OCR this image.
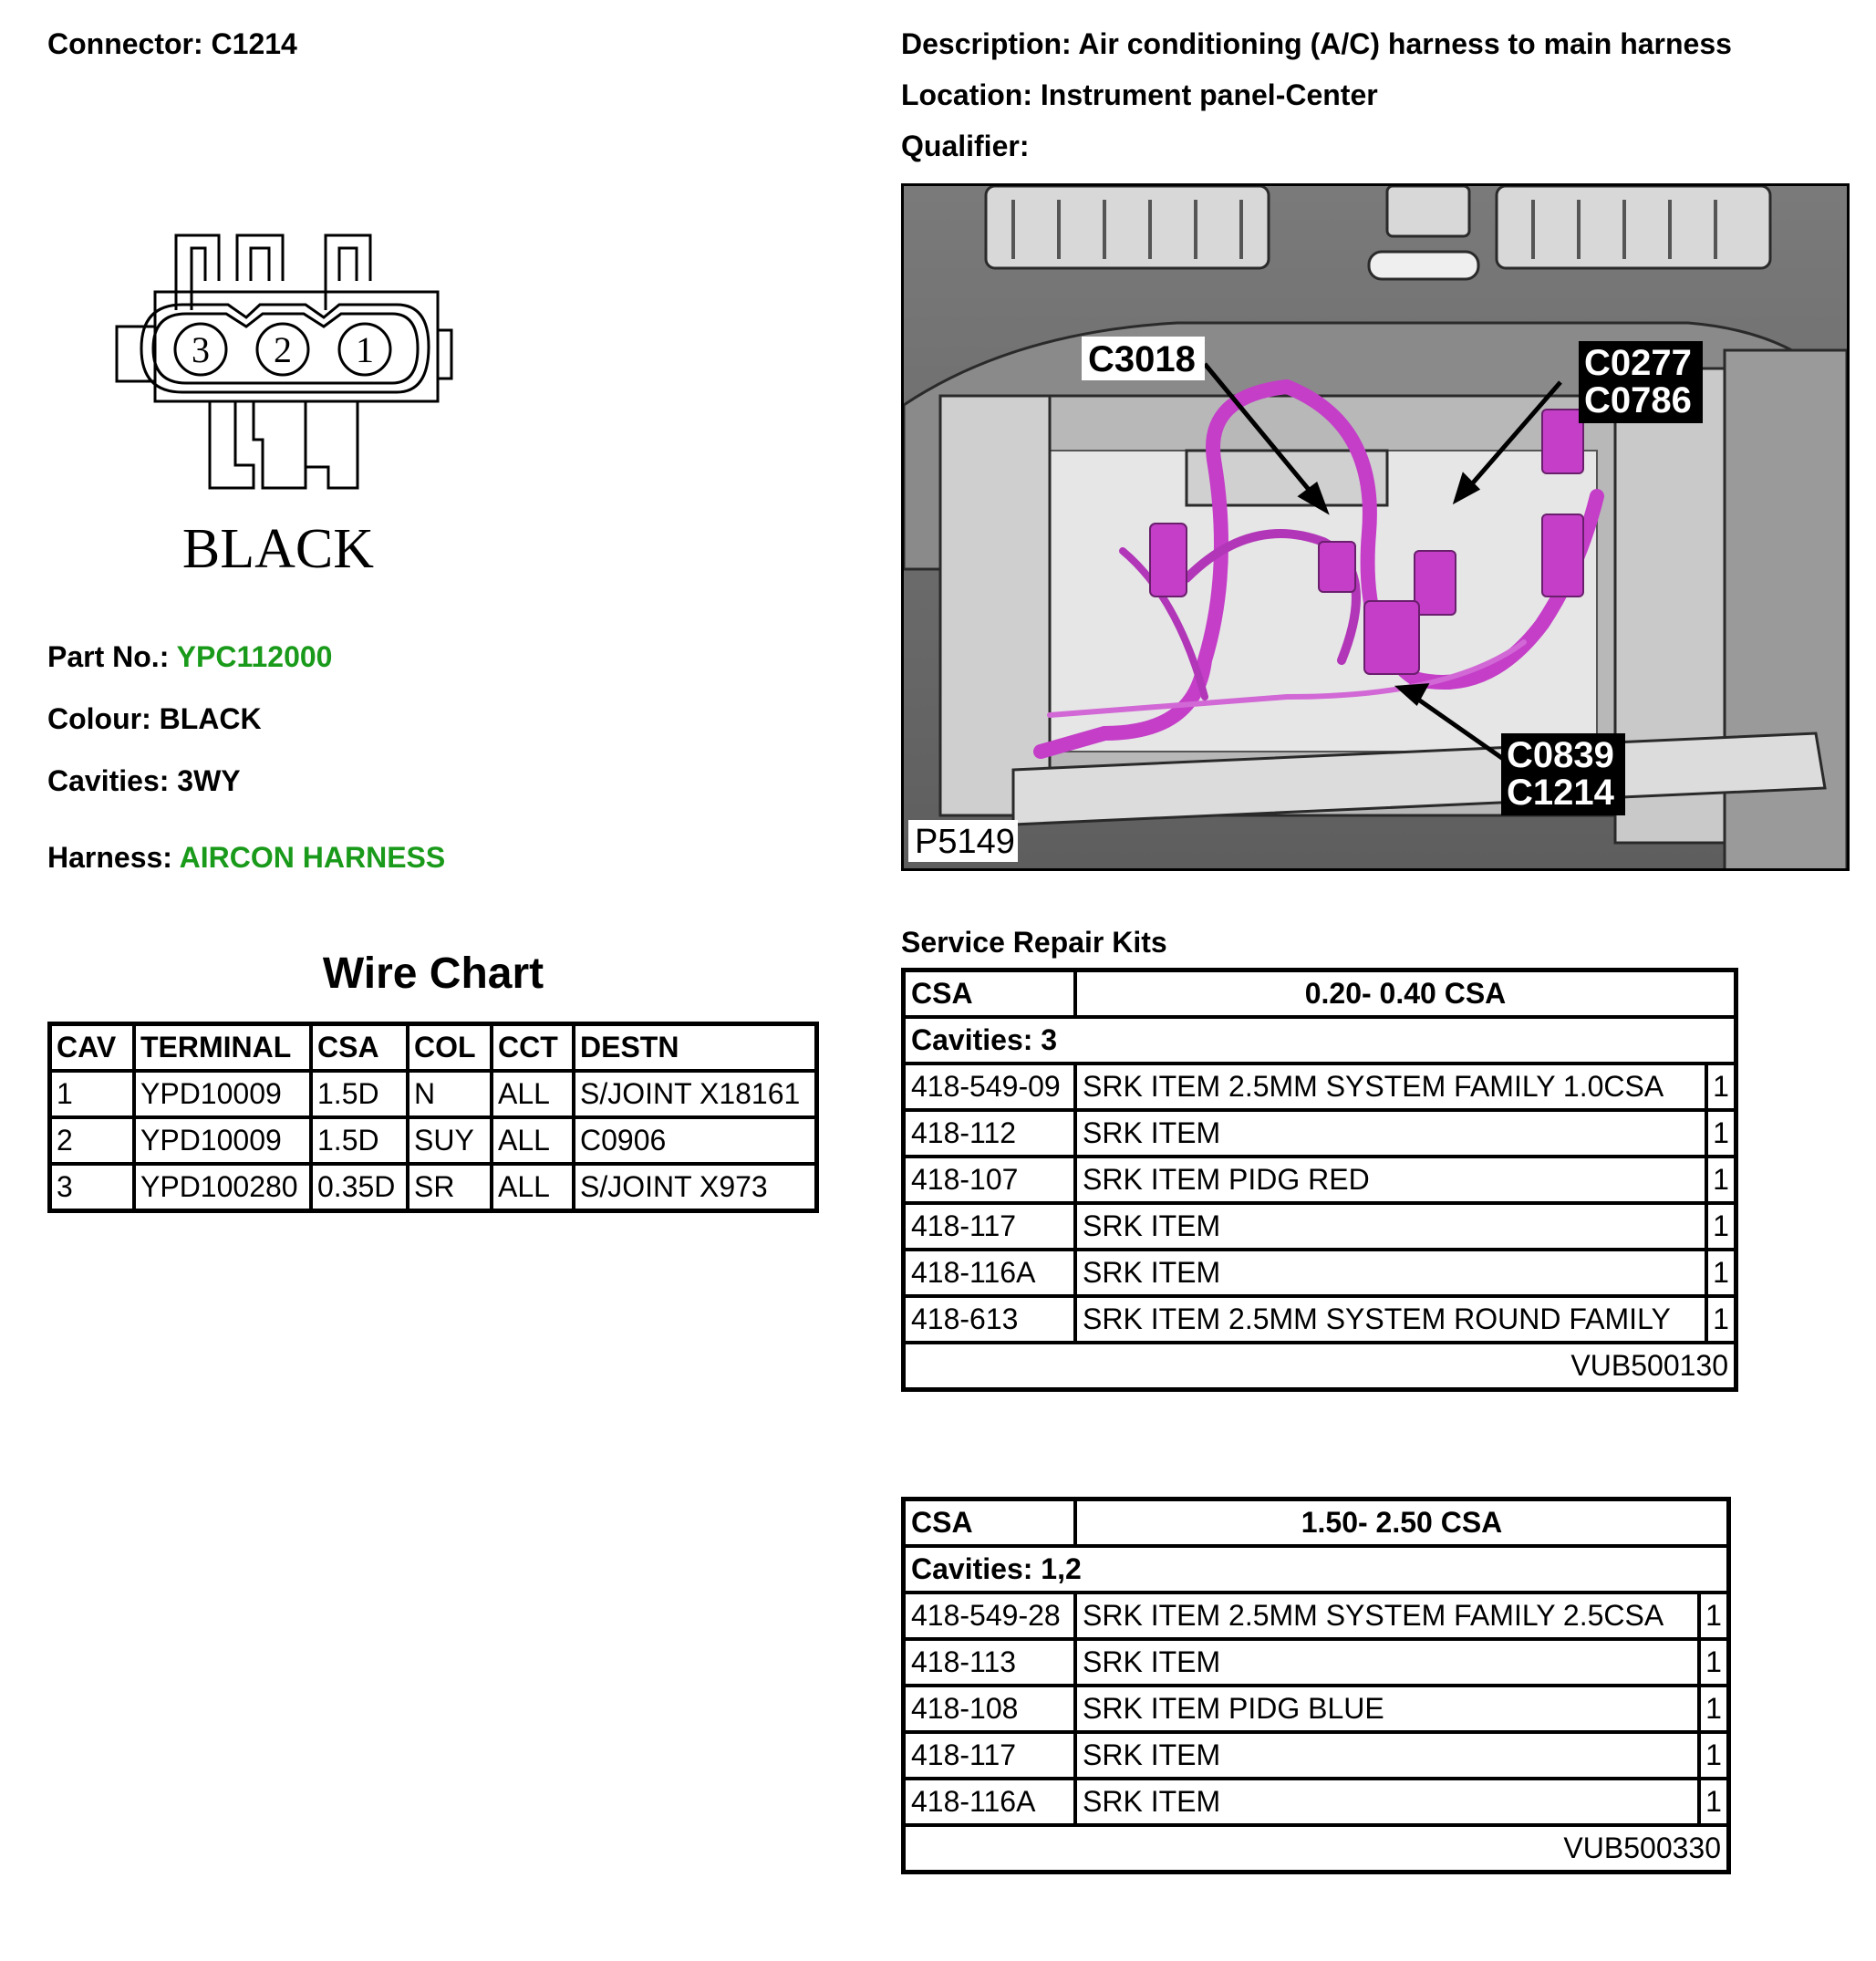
Connector: C1214	Description: Air conditioning (A/C) harness to main harness
Location: Instrument panel-Center
Qualifier:
3 2 1
BLACK
Part No.: YPC112000
Colour: BLACK
Cavities: 3WY
Harness: AIRCON HARNESS
Wire Chart
CAV	TERMINAL	CSA	COL	CCT	DESTN
1	YPD10009	1.5D	N	ALL	S/JOINT X18161
2	YPD10009	1.5D	SUY	ALL	C0906
3	YPD100280	0.35D	SR	ALL	S/JOINT X973
C3018	C0277
C0786
C0839
C1214
P5149
Service Repair Kits
CSA	0.20- 0.40 CSA	
Cavities: 3		
418-549-09	SRK ITEM 2.5MM SYSTEM FAMILY 1.0CSA	1
418-112	SRK ITEM	1
418-107	SRK ITEM PIDG RED	1
418-117	SRK ITEM	1
418-116A	SRK ITEM	1
418-613	SRK ITEM 2.5MM SYSTEM ROUND FAMILY	1
VUB500130		
CSA	1.50- 2.50 CSA	
Cavities: 1,2		
418-549-28	SRK ITEM 2.5MM SYSTEM FAMILY 2.5CSA	1
418-113	SRK ITEM	1
418-108	SRK ITEM PIDG BLUE	1
418-117	SRK ITEM	1
418-116A	SRK ITEM	1
VUB500330		
